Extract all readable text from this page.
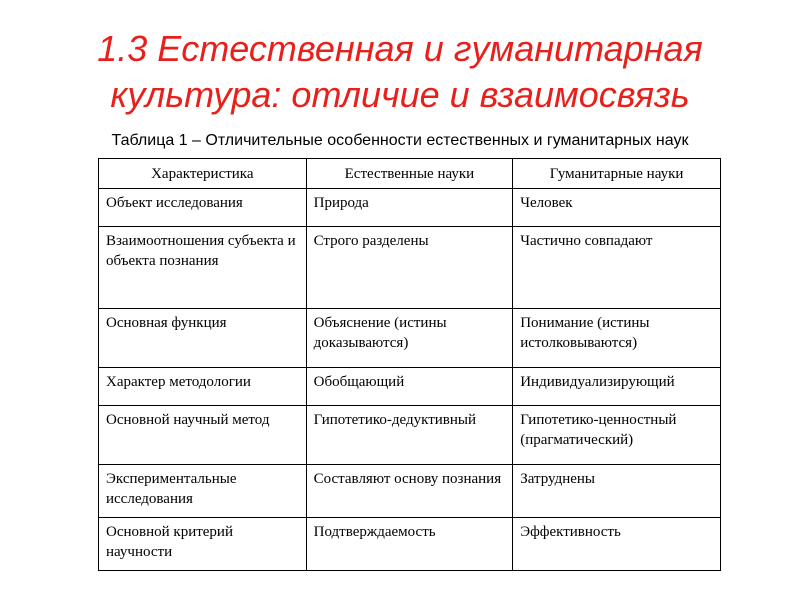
1.3 Естественная и гуманитарная
культура: отличие и взаимосвязь
Таблица 1 – Отличительные особенности естественных и гуманитарных наук
Характеристика	Естественные науки	Гуманитарные науки
Объект исследования	Природа	Человек
Взаимоотношения субъекта и объекта познания	Строго разделены	Частично совпадают
Основная функция	Объяснение (истины доказываются)	Понимание (истины истолковываются)
Характер методологии	Обобщающий	Индивидуализирующий
Основной научный метод	Гипотетико-дедуктивный	Гипотетико-ценностный (прагматический)
Экспериментальные исследования	Составляют основу познания	Затруднены
Основной критерий научности	Подтверждаемость	Эффективность
